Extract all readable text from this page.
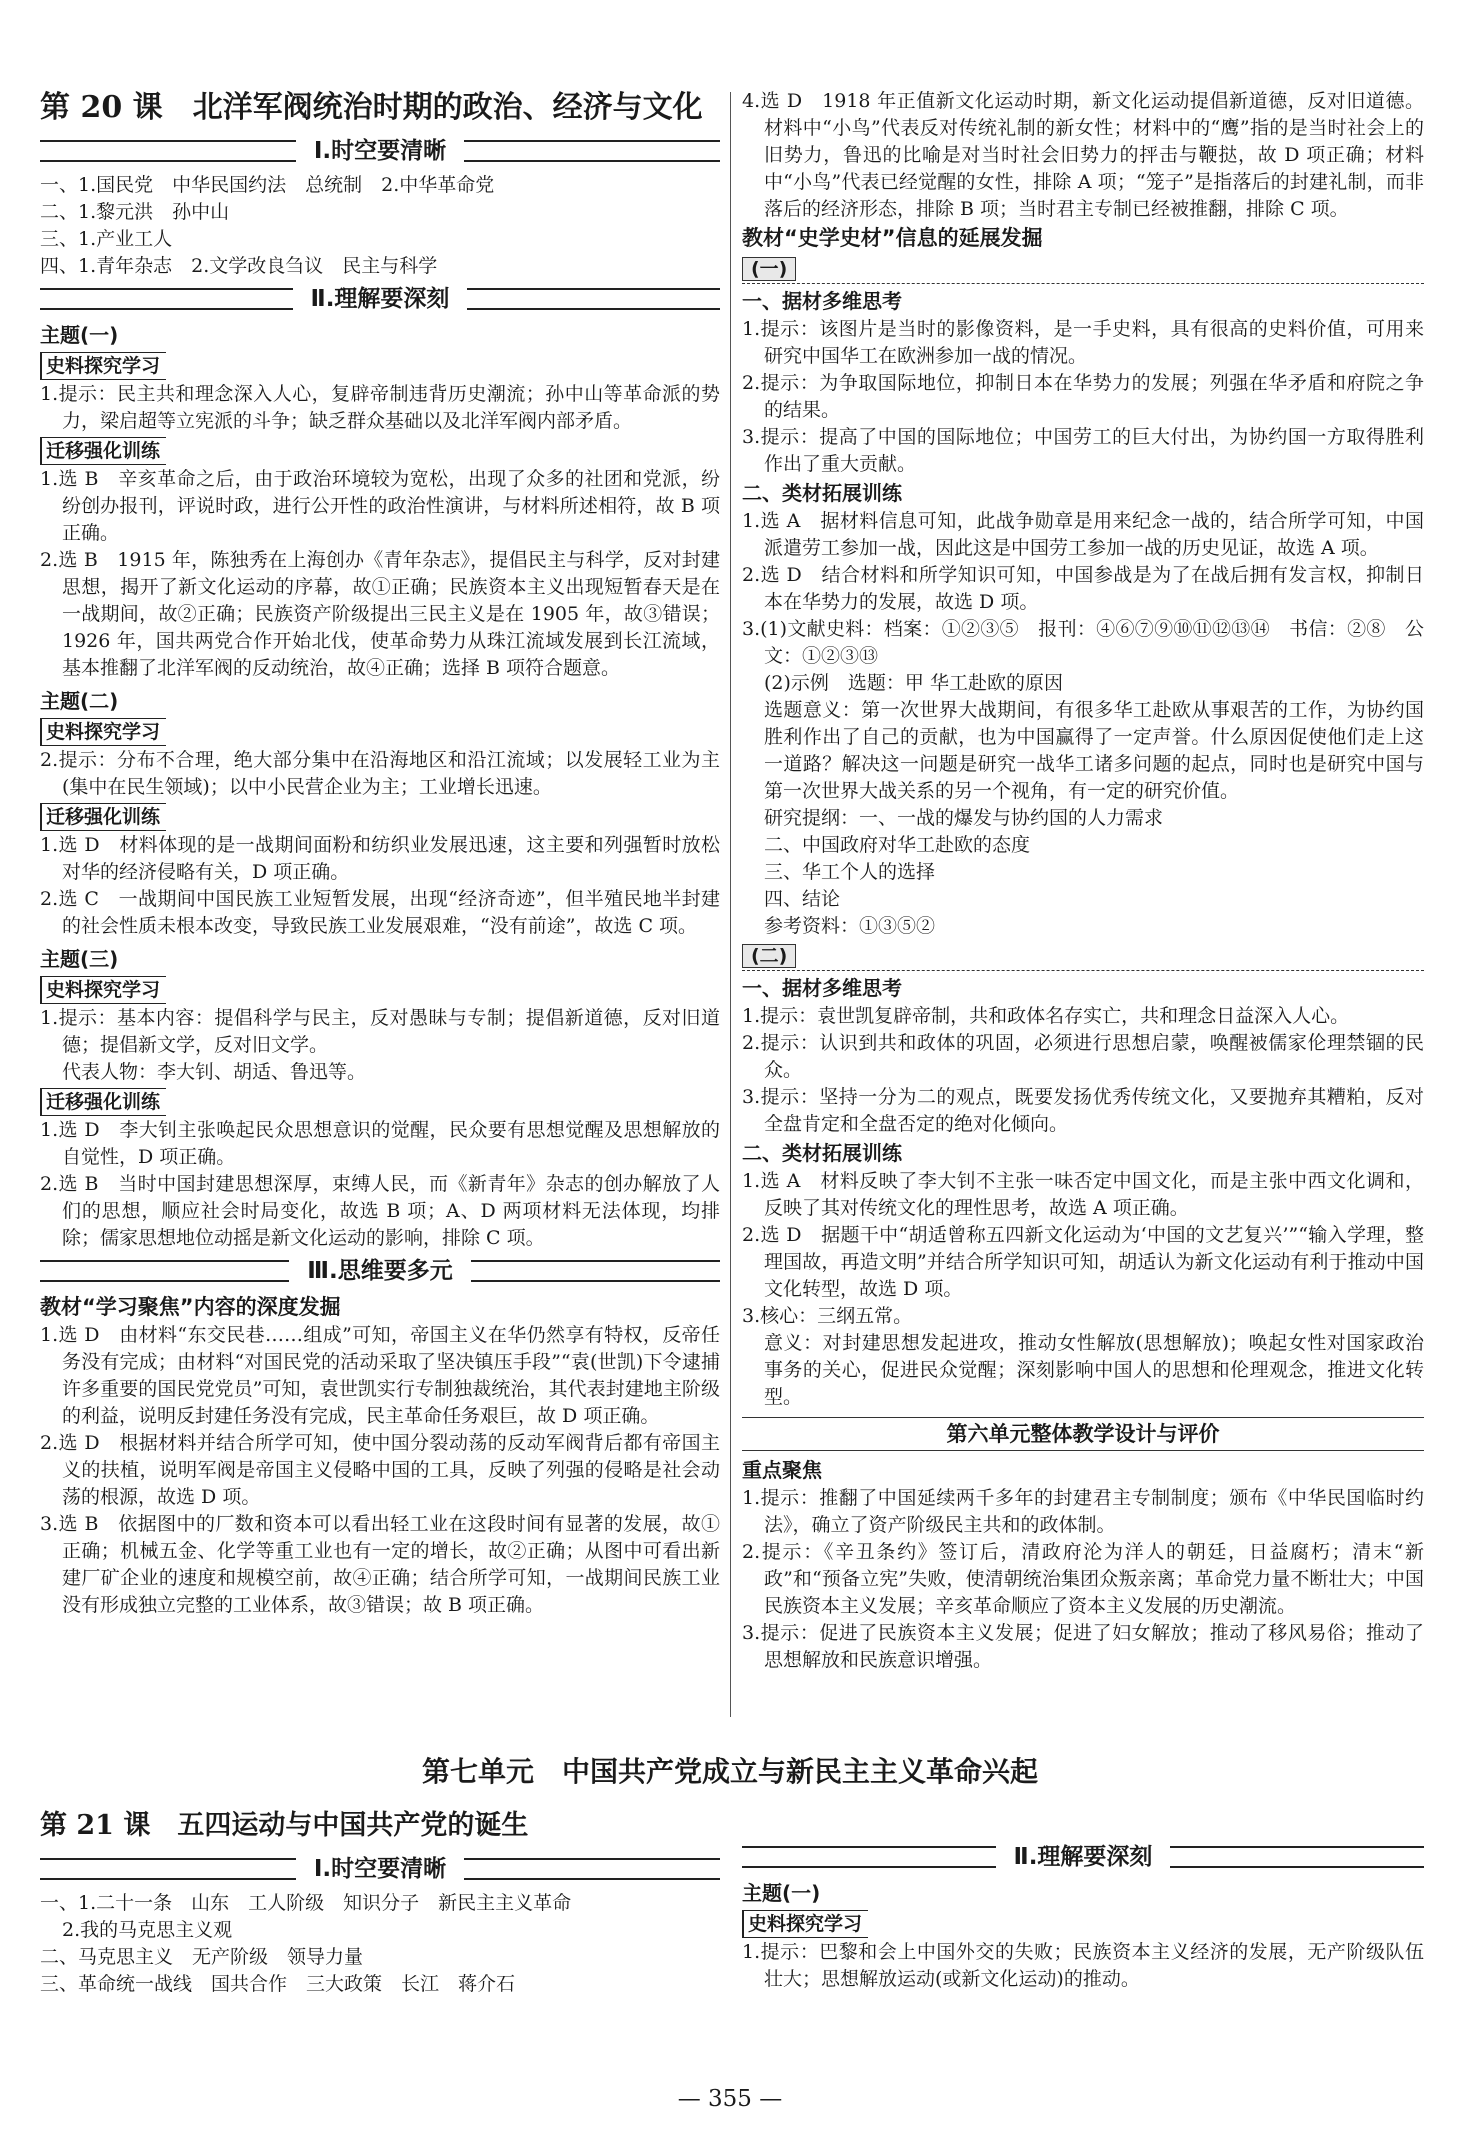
第 20 课　北洋军阀统治时期的政治、经济与文化
Ⅰ.时空要清晰
一、1.国民党　中华民国约法　总统制　2.中华革命党
二、1.黎元洪　孙中山
三、1.产业工人
四、1.青年杂志　2.文学改良刍议　民主与科学
Ⅱ.理解要深刻
主题(一)
史料探究学习
1.提示：民主共和理念深入人心，复辟帝制违背历史潮流；孙中山等革命派的势力，梁启超等立宪派的斗争；缺乏群众基础以及北洋军阀内部矛盾。
迁移强化训练
1.选 B　辛亥革命之后，由于政治环境较为宽松，出现了众多的社团和党派，纷纷创办报刊，评说时政，进行公开性的政治性演讲，与材料所述相符，故 B 项正确。
2.选 B　1915 年，陈独秀在上海创办《青年杂志》，提倡民主与科学，反对封建思想，揭开了新文化运动的序幕，故①正确；民族资本主义出现短暂春天是在一战期间，故②正确；民族资产阶级提出三民主义是在 1905 年，故③错误；1926 年，国共两党合作开始北伐，使革命势力从珠江流域发展到长江流域，基本推翻了北洋军阀的反动统治，故④正确；选择 B 项符合题意。
主题(二)
史料探究学习
2.提示：分布不合理，绝大部分集中在沿海地区和沿江流域；以发展轻工业为主(集中在民生领域)；以中小民营企业为主；工业增长迅速。
迁移强化训练
1.选 D　材料体现的是一战期间面粉和纺织业发展迅速，这主要和列强暂时放松对华的经济侵略有关，D 项正确。
2.选 C　一战期间中国民族工业短暂发展，出现“经济奇迹”，但半殖民地半封建的社会性质未根本改变，导致民族工业发展艰难，“没有前途”，故选 C 项。
主题(三)
史料探究学习
1.提示：基本内容：提倡科学与民主，反对愚昧与专制；提倡新道德，反对旧道德；提倡新文学，反对旧文学。
代表人物：李大钊、胡适、鲁迅等。
迁移强化训练
1.选 D　李大钊主张唤起民众思想意识的觉醒，民众要有思想觉醒及思想解放的自觉性，D 项正确。
2.选 B　当时中国封建思想深厚，束缚人民，而《新青年》杂志的创办解放了人们的思想，顺应社会时局变化，故选 B 项；A、D 两项材料无法体现，均排除；儒家思想地位动摇是新文化运动的影响，排除 C 项。
Ⅲ.思维要多元
教材“学习聚焦”内容的深度发掘
1.选 D　由材料“东交民巷……组成”可知，帝国主义在华仍然享有特权，反帝任务没有完成；由材料“对国民党的活动采取了坚决镇压手段”“袁(世凯)下令逮捕许多重要的国民党党员”可知，袁世凯实行专制独裁统治，其代表封建地主阶级的利益，说明反封建任务没有完成，民主革命任务艰巨，故 D 项正确。
2.选 D　根据材料并结合所学可知，使中国分裂动荡的反动军阀背后都有帝国主义的扶植，说明军阀是帝国主义侵略中国的工具，反映了列强的侵略是社会动荡的根源，故选 D 项。
3.选 B　依据图中的厂数和资本可以看出轻工业在这段时间有显著的发展，故①正确；机械五金、化学等重工业也有一定的增长，故②正确；从图中可看出新建厂矿企业的速度和规模空前，故④正确；结合所学可知，一战期间民族工业没有形成独立完整的工业体系，故③错误；故 B 项正确。
4.选 D　1918 年正值新文化运动时期，新文化运动提倡新道德，反对旧道德。材料中“小鸟”代表反对传统礼制的新女性；材料中的“鹰”指的是当时社会上的旧势力，鲁迅的比喻是对当时社会旧势力的抨击与鞭挞，故 D 项正确；材料中“小鸟”代表已经觉醒的女性，排除 A 项；“笼子”是指落后的封建礼制，而非落后的经济形态，排除 B 项；当时君主专制已经被推翻，排除 C 项。
教材“史学史材”信息的延展发掘
(一)
一、据材多维思考
1.提示：该图片是当时的影像资料，是一手史料，具有很高的史料价值，可用来研究中国华工在欧洲参加一战的情况。
2.提示：为争取国际地位，抑制日本在华势力的发展；列强在华矛盾和府院之争的结果。
3.提示：提高了中国的国际地位；中国劳工的巨大付出，为协约国一方取得胜利作出了重大贡献。
二、类材拓展训练
1.选 A　据材料信息可知，此战争勋章是用来纪念一战的，结合所学可知，中国派遣劳工参加一战，因此这是中国劳工参加一战的历史见证，故选 A 项。
2.选 D　结合材料和所学知识可知，中国参战是为了在战后拥有发言权，抑制日本在华势力的发展，故选 D 项。
3.(1)文献史料：档案：①②③⑤　报刊：④⑥⑦⑨⑩⑪⑫⑬⑭　书信：②⑧　公文：①②③⑬
(2)示例　选题：甲 华工赴欧的原因
选题意义：第一次世界大战期间，有很多华工赴欧从事艰苦的工作，为协约国胜利作出了自己的贡献，也为中国赢得了一定声誉。什么原因促使他们走上这一道路？解决这一问题是研究一战华工诸多问题的起点，同时也是研究中国与第一次世界大战关系的另一个视角，有一定的研究价值。
研究提纲：一、一战的爆发与协约国的人力需求
二、中国政府对华工赴欧的态度
三、华工个人的选择
四、结论
参考资料：①③⑤②
(二)
一、据材多维思考
1.提示：袁世凯复辟帝制，共和政体名存实亡，共和理念日益深入人心。
2.提示：认识到共和政体的巩固，必须进行思想启蒙，唤醒被儒家伦理禁锢的民众。
3.提示：坚持一分为二的观点，既要发扬优秀传统文化，又要抛弃其糟粕，反对全盘肯定和全盘否定的绝对化倾向。
二、类材拓展训练
1.选 A　材料反映了李大钊不主张一味否定中国文化，而是主张中西文化调和，反映了其对传统文化的理性思考，故选 A 项正确。
2.选 D　据题干中“胡适曾称五四新文化运动为‘中国的文艺复兴’”“输入学理，整理国故，再造文明”并结合所学知识可知，胡适认为新文化运动有利于推动中国文化转型，故选 D 项。
3.核心：三纲五常。
意义：对封建思想发起进攻，推动女性解放(思想解放)；唤起女性对国家政治事务的关心，促进民众觉醒；深刻影响中国人的思想和伦理观念，推进文化转型。
第六单元整体教学设计与评价
重点聚焦
1.提示：推翻了中国延续两千多年的封建君主专制制度；颁布《中华民国临时约法》，确立了资产阶级民主共和的政体制。
2.提示：《辛丑条约》签订后，清政府沦为洋人的朝廷，日益腐朽；清末“新政”和“预备立宪”失败，使清朝统治集团众叛亲离；革命党力量不断壮大；中国民族资本主义发展；辛亥革命顺应了资本主义发展的历史潮流。
3.提示：促进了民族资本主义发展；促进了妇女解放；推动了移风易俗；推动了思想解放和民族意识增强。
第七单元　中国共产党成立与新民主主义革命兴起
第 21 课　五四运动与中国共产党的诞生
Ⅰ.时空要清晰
一、1.二十一条　山东　工人阶级　知识分子　新民主主义革命
2.我的马克思主义观
二、马克思主义　无产阶级　领导力量
三、革命统一战线　国共合作　三大政策　长江　蒋介石
Ⅱ.理解要深刻
主题(一)
史料探究学习
1.提示：巴黎和会上中国外交的失败；民族资本主义经济的发展，无产阶级队伍壮大；思想解放运动(或新文化运动)的推动。
— 355 —
